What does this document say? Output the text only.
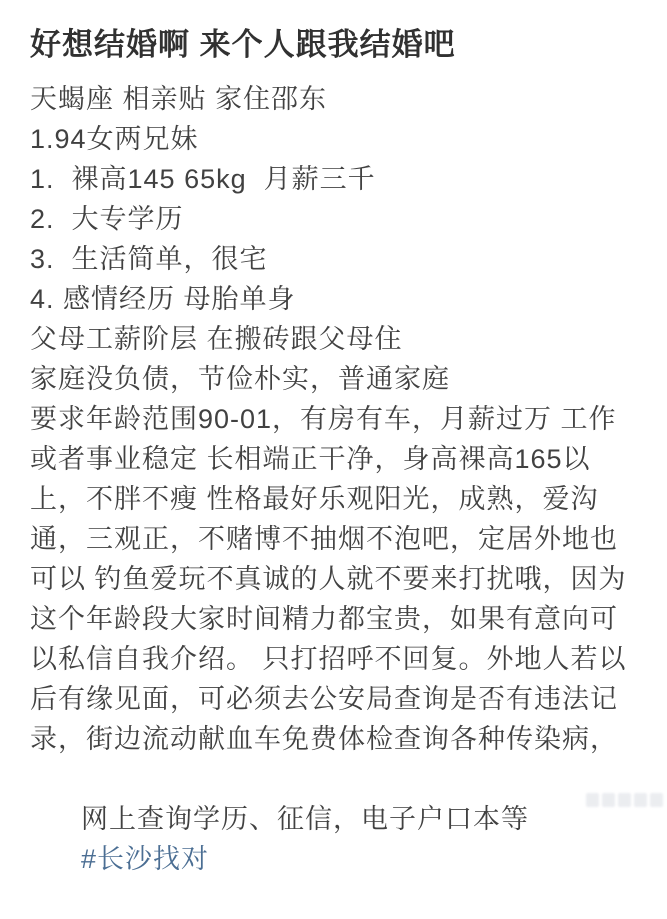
好想结婚啊 来个人跟我结婚吧
天蝎座 相亲贴 家住邵东
1.94女两兄妹
1.  裸高145 65kg  月薪三千
2.  大专学历
3.  生活简单，很宅
4. 感情经历 母胎单身
父母工薪阶层 在搬砖跟父母住
家庭没负债，节俭朴实，普通家庭
要求年龄范围90-01，有房有车，月薪过万 工作
或者事业稳定 长相端正干净，身高裸高165以
上，不胖不瘦 性格最好乐观阳光，成熟，爱沟
通，三观正，不赌博不抽烟不泡吧，定居外地也
可以 钓鱼爱玩不真诚的人就不要来打扰哦，因为
这个年龄段大家时间精力都宝贵，如果有意向可
以私信自我介绍。 只打招呼不回复。外地人若以
后有缘见面，可必须去公安局查询是否有违法记
录，街边流动献血车免费体检查询各种传染病，

网上查询学历、征信，电子户口本等
#长沙找对
